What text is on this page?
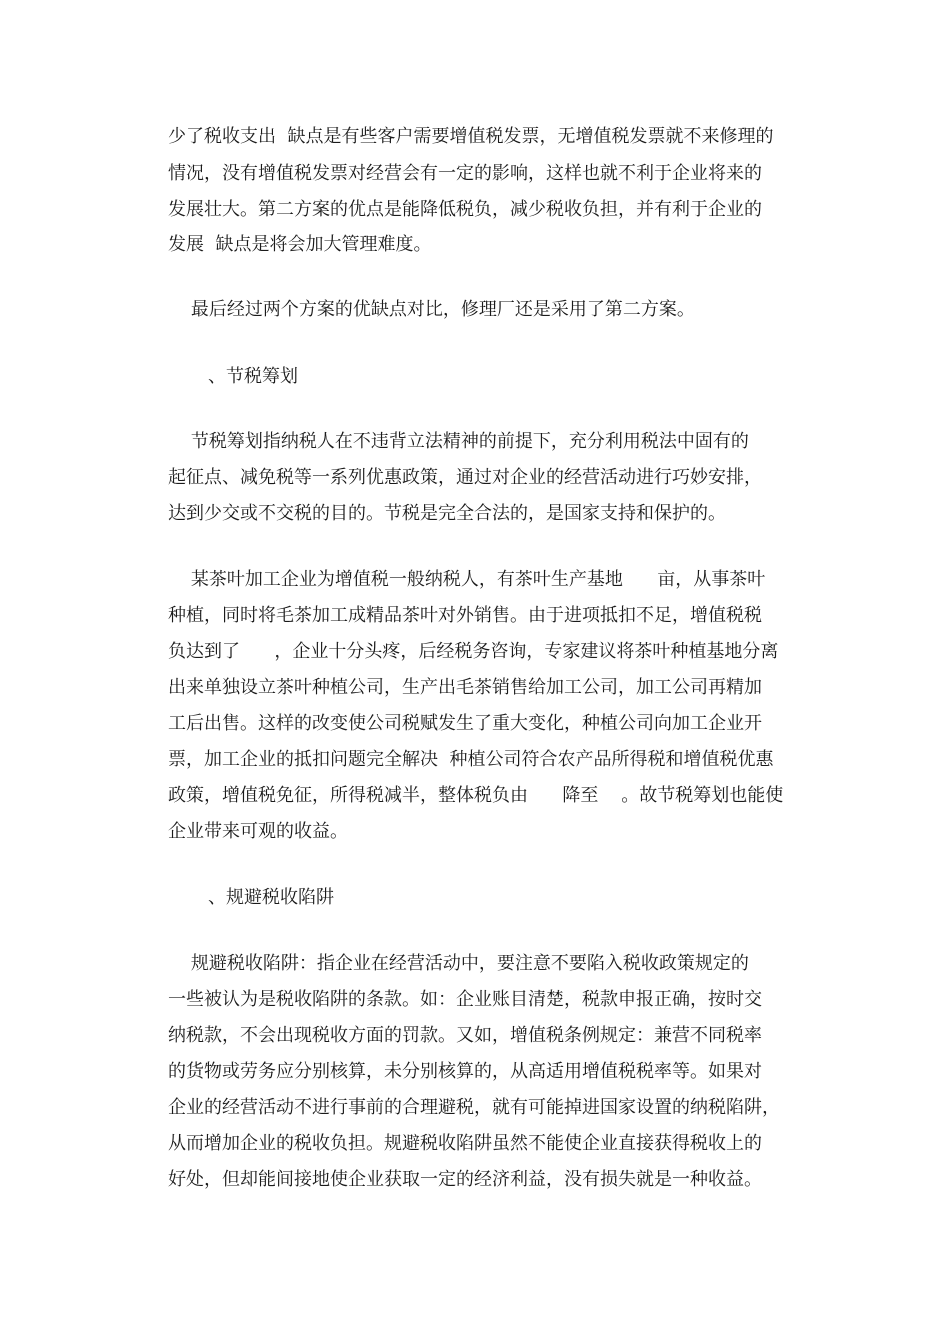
少了税收支出  缺点是有些客户需要增值税发票，无增值税发票就不来修理的
情况，没有增值税发票对经营会有一定的影响，这样也就不利于企业将来的
发展壮大。第二方案的优点是能降低税负，减少税收负担，并有利于企业的
发展  缺点是将会加大管理难度。
最后经过两个方案的优缺点对比，修理厂还是采用了第二方案。
、节税筹划
节税筹划指纳税人在不违背立法精神的前提下，充分利用税法中固有的
起征点、减免税等一系列优惠政策，通过对企业的经营活动进行巧妙安排，
达到少交或不交税的目的。节税是完全合法的，是国家支持和保护的。
某茶叶加工企业为增值税一般纳税人，有茶叶生产基地      亩，从事茶叶
种植，同时将毛茶加工成精品茶叶对外销售。由于进项抵扣不足，增值税税
负达到了      ，企业十分头疼，后经税务咨询，专家建议将茶叶种植基地分离
出来单独设立茶叶种植公司，生产出毛茶销售给加工公司，加工公司再精加
工后出售。这样的改变使公司税赋发生了重大变化，种植公司向加工企业开
票，加工企业的抵扣问题完全解决  种植公司符合农产品所得税和增值税优惠
政策，增值税免征，所得税减半，整体税负由      降至    。故节税筹划也能使
企业带来可观的收益。
、规避税收陷阱
规避税收陷阱：指企业在经营活动中，要注意不要陷入税收政策规定的
一些被认为是税收陷阱的条款。如：企业账目清楚，税款申报正确，按时交
纳税款，不会出现税收方面的罚款。又如，增值税条例规定：兼营不同税率
的货物或劳务应分别核算，未分别核算的，从高适用增值税税率等。如果对
企业的经营活动不进行事前的合理避税，就有可能掉进国家设置的纳税陷阱，
从而增加企业的税收负担。规避税收陷阱虽然不能使企业直接获得税收上的
好处，但却能间接地使企业获取一定的经济利益，没有损失就是一种收益。
